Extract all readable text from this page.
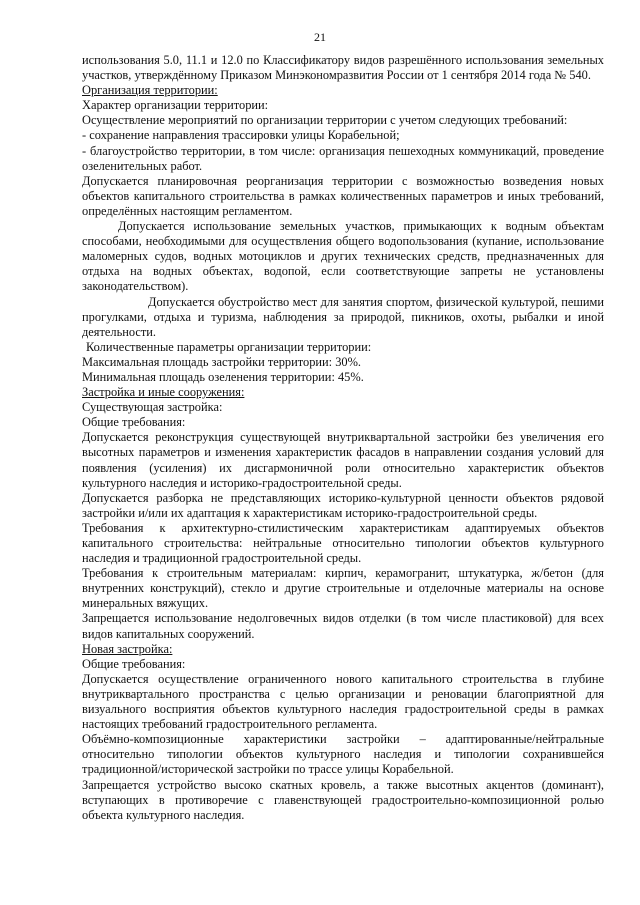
21

использования 5.0, 11.1 и 12.0 по Классификатору видов разрешённого использования земельных участков, утверждённому Приказом Минэкономразвития России от 1 сентября 2014 года № 540.

Организация территории:

Характер организации территории:

Осуществление мероприятий по организации территории с учетом следующих требований:

- сохранение направления трассировки улицы Корабельной;

- благоустройство территории, в том числе: организация пешеходных коммуникаций, проведение озеленительных работ.

Допускается планировочная реорганизация территории с возможностью возведения новых объектов капитального строительства в рамках количественных параметров и иных требований, определённых настоящим регламентом.

Допускается использование земельных участков, примыкающих к водным объектам способами, необходимыми для осуществления общего водопользования (купание, использование маломерных судов, водных мотоциклов и других технических средств, предназначенных для отдыха на водных объектах, водопой, если соответствующие запреты не установлены законодательством).

Допускается обустройство мест для занятия спортом, физической культурой, пешими прогулками, отдыха и туризма, наблюдения за природой, пикников, охоты, рыбалки и иной деятельности.

Количественные параметры организации территории:

Максимальная площадь застройки территории: 30%.

Минимальная площадь озеленения территории: 45%.

Застройка и иные сооружения:

Существующая застройка:

Общие требования:

Допускается реконструкция существующей внутриквартальной застройки без увеличения его высотных параметров и изменения характеристик фасадов в направлении создания условий для появления (усиления) их дисгармоничной роли относительно характеристик объектов культурного наследия и историко-градостроительной среды.

Допускается разборка не представляющих историко-культурной ценности объектов рядовой застройки и/или их адаптация к характеристикам историко-градостроительной среды.

Требования к архитектурно-стилистическим характеристикам адаптируемых объектов капитального строительства: нейтральные относительно типологии объектов культурного наследия и традиционной градостроительной среды.

Требования к строительным материалам: кирпич, керамогранит, штукатурка, ж/бетон (для внутренних конструкций), стекло и другие строительные и отделочные материалы на основе минеральных вяжущих.

Запрещается использование недолговечных видов отделки (в том числе пластиковой) для всех видов капитальных сооружений.

Новая застройка:

Общие требования:

Допускается осуществление ограниченного нового капитального строительства в глубине внутриквартального пространства с целью организации и реновации благоприятной для визуального восприятия объектов культурного наследия градостроительной среды в рамках настоящих требований градостроительного регламента.

Объёмно-композиционные характеристики застройки – адаптированные/нейтральные относительно типологии объектов культурного наследия и типологии сохранившейся традиционной/исторической застройки по трассе улицы Корабельной.

Запрещается устройство высоко скатных кровель, а также высотных акцентов (доминант), вступающих в противоречие с главенствующей градостроительно-композиционной ролью объекта культурного наследия.
